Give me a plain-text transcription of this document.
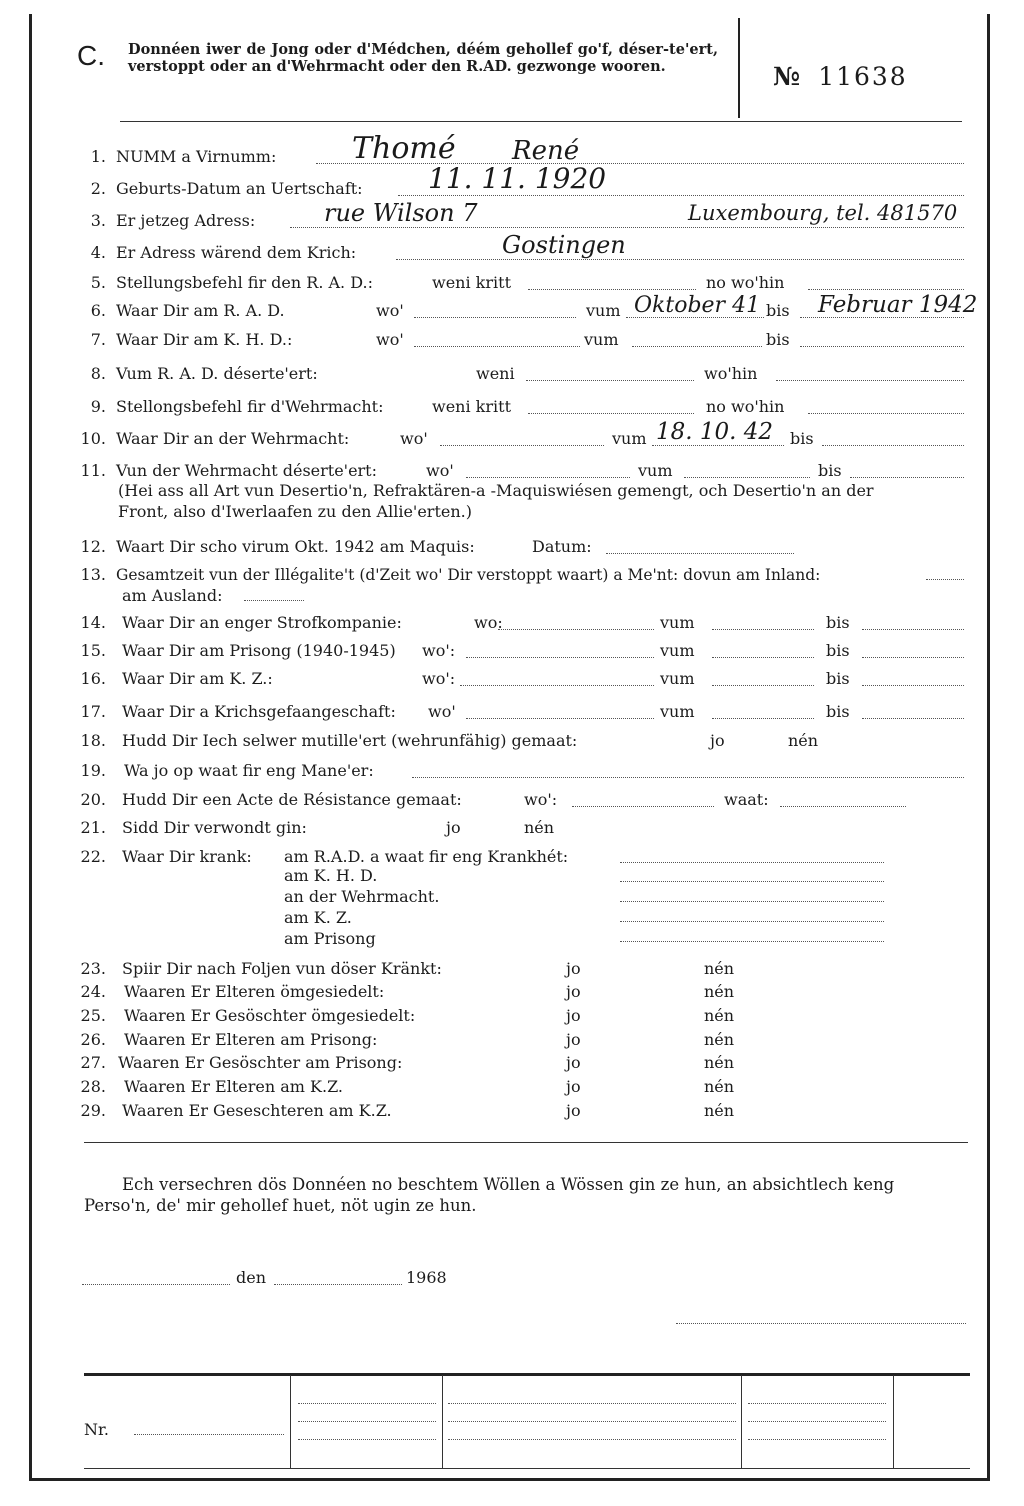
C. Donnéen iwer de Jong oder d'Médchen, déém gehollef go'f, déser-te'ert, verstoppt oder an d'Wehrmacht oder den R.AD. gezwonge wooren.	№ 11638
1. NUMM a Virnumm:	Thomé René
2. Geburts-Datum an Uertschaft: 11. 11. 1920
3. Er jetzeg Adress:	rue Wilson 7	Luxembourg, tel. 481570
4. Er Adress wärend dem Krich:	Gostingen
5. Stellungsbefehl fir den R. A. D.:	weni kritt	no wo'hin
6. Waar Dir am R. A. D.	wo'	vum Oktober 41 bis Februar 1942
7. Waar Dir am K. H. D.:	wo'	vum	bis
8. Vum R. A. D. déserte'ert:	weni	wo'hin
9. Stellongsbefehl fir d'Wehrmacht:	weni kritt	no wo'hin
10. Waar Dir an der Wehrmacht:	wo'	vum 18. 10. 42 bis
11. Vun der Wehrmacht déserte'ert:	wo'	vum	bis
(Hei ass all Art vun Desertio'n, Refraktären-a -Maquiswiésen gemengt, och Desertio'n an der
Front, also d'Iwerlaafen zu den Allie'erten.)
12. Waart Dir scho virum Okt. 1942 am Maquis:	Datum:
13. Gesamtzeit vun der Illégalite't (d'Zeit wo' Dir verstoppt waart) a Me'nt: dovun am Inland:
am Ausland:
14. Waar Dir an enger Strofkompanie:	wo:	vum	bis
15. Waar Dir am Prisong (1940-1945) wo':	vum	bis
16. Waar Dir am K. Z.:	wo':	vum	bis
17. Waar Dir a Krichsgefaangeschaft: wo'	vum	bis
18. Hudd Dir Iech selwer mutille'ert (wehrunfähig) gemaat:	jo	nén
19. Wa jo op waat fir eng Mane'er:
20. Hudd Dir een Acte de Résistance gemaat:	wo':	waat:
21. Sidd Dir verwondt gin:	jo	nén
22. Waar Dir krank: am R.A.D. a waat fir eng Krankhét:
am K. H. D.
an der Wehrmacht.
am K. Z.
am Prisong
23. Spiir Dir nach Foljen vun döser Kränkt:	jo	nén
24. Waaren Er Elteren ömgesiedelt:	jo	nén
25. Waaren Er Gesöschter ömgesiedelt:	jo	nén
26. Waaren Er Elteren am Prisong:	jo	nén
27. Waaren Er Gesöschter am Prisong:	jo	nén
28. Waaren Er Elteren am K.Z.	jo	nén
29. Waaren Er Geseschteren am K.Z.	jo	nén
Ech versechren dös Donnéen no beschtem Wöllen a Wössen gin ze hun, an absichtlech keng
Perso'n, de' mir gehollef huet, nöt ugin ze hun.
den	1968
Nr.
